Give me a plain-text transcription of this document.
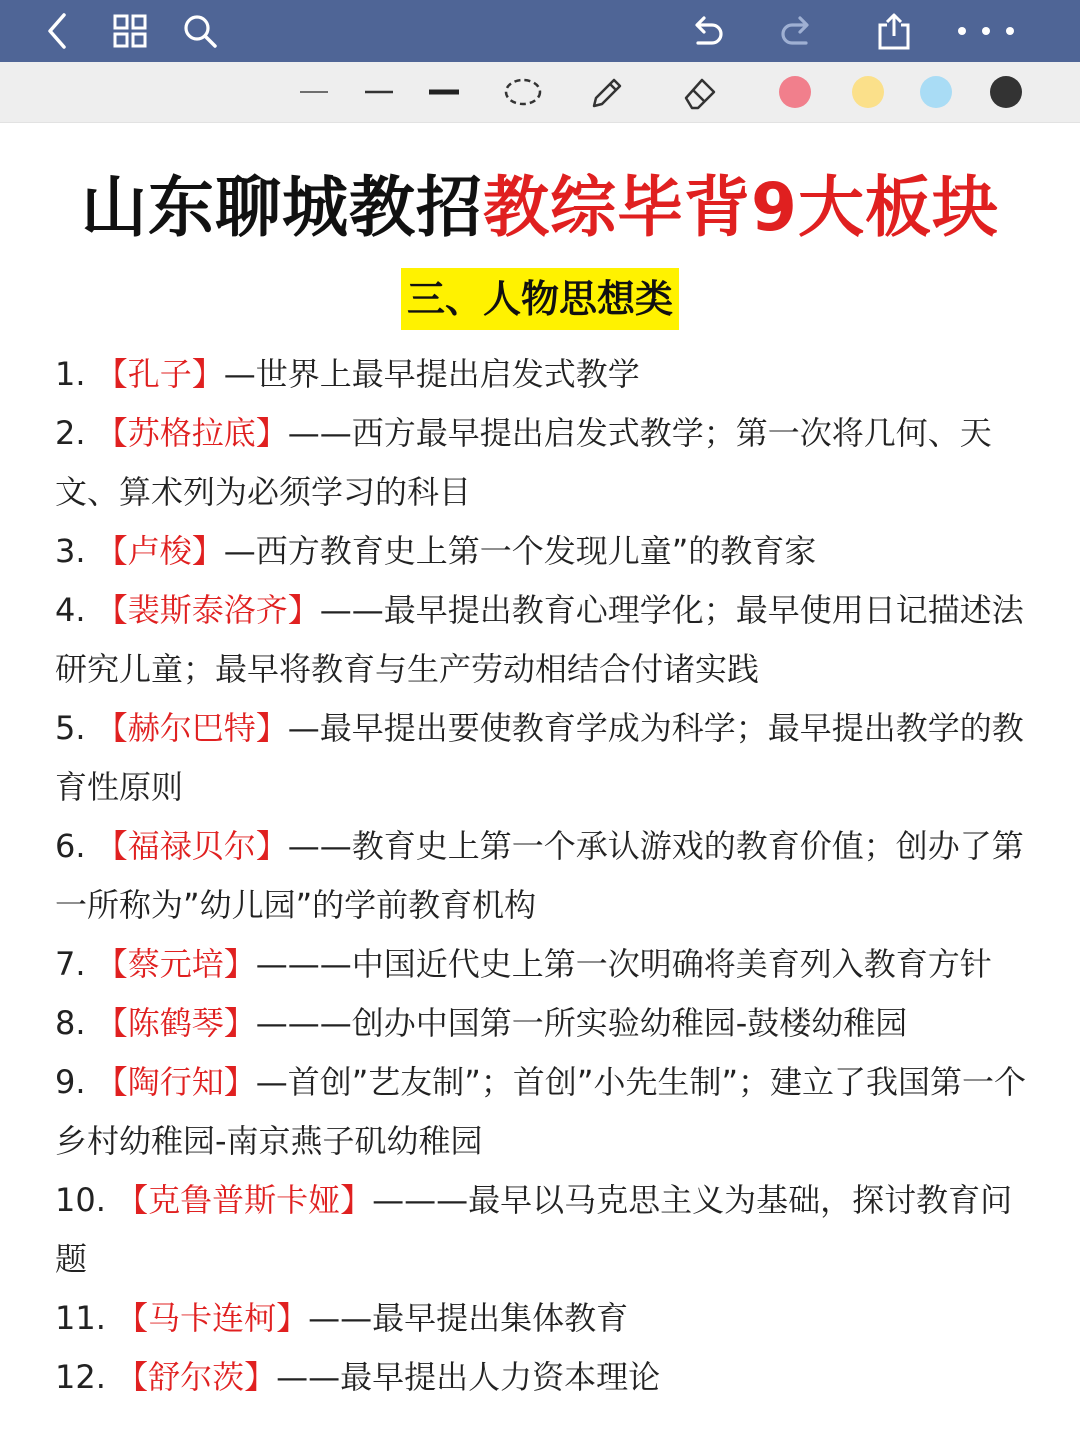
山东聊城教招教综毕背9大板块
三、人物思想类

1. 【孔子】—世界上最早提出启发式教学

2. 【苏格拉底】——西方最早提出启发式教学；第一次将几何、天文、算术列为必须学习的科目

3. 【卢梭】—西方教育史上第一个发现儿童”的教育家

4. 【裴斯泰洛齐】——最早提出教育心理学化；最早使用日记描述法研究儿童；最早将教育与生产劳动相结合付诸实践

5. 【赫尔巴特】—最早提出要使教育学成为科学；最早提出教学的教育性原则

6. 【福禄贝尔】——教育史上第一个承认游戏的教育价值；创办了第一所称为”幼儿园”的学前教育机构

7. 【蔡元培】———中国近代史上第一次明确将美育列入教育方针

8. 【陈鹤琴】———创办中国第一所实验幼稚园-鼓楼幼稚园

9. 【陶行知】—首创”艺友制”；首创”小先生制”；建立了我国第一个乡村幼稚园-南京燕子矶幼稚园

10. 【克鲁普斯卡娅】———最早以马克思主义为基础，探讨教育问题

11. 【马卡连柯】——最早提出集体教育

12. 【舒尔茨】——最早提出人力资本理论
